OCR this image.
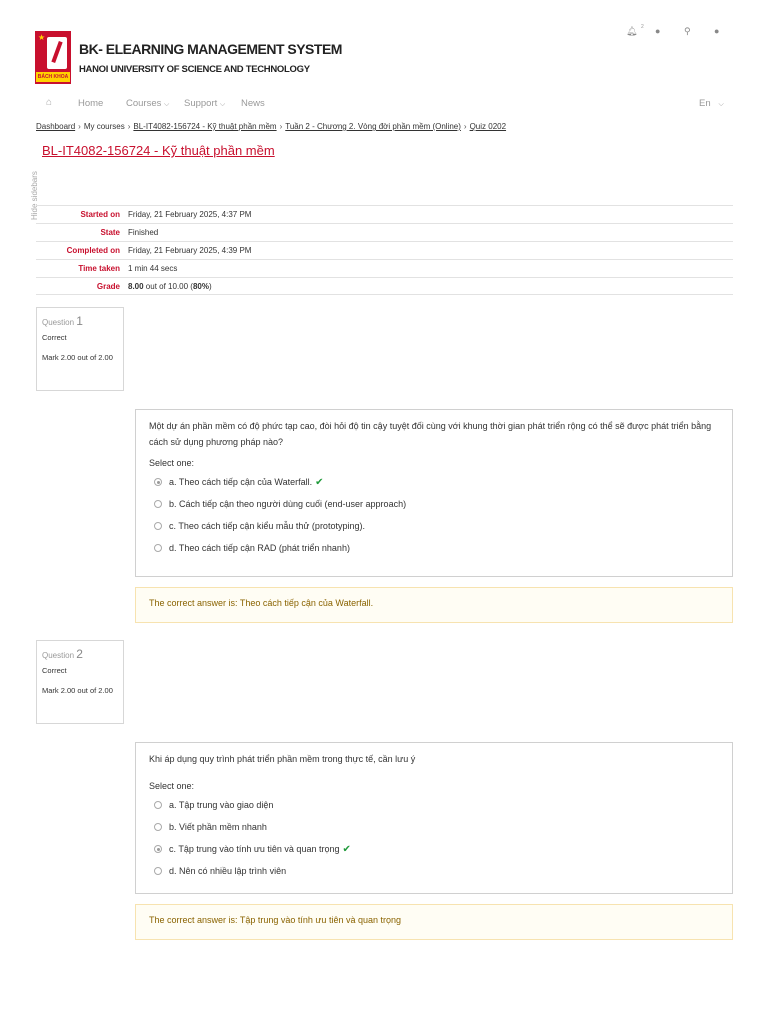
★
BÁCH KHOA
BK- ELEARNING MANAGEMENT SYSTEM
HANOI UNIVERSITY OF SCIENCE AND TECHNOLOGY
🔔︎ 2 ●	⚲	●
⌂	Home Courses ⌵ Support ⌵ News	En ⌵
Dashboard › My courses › BL-IT4082-156724 - Kỹ thuật phần mềm › Tuần 2 - Chương 2. Vòng đời phần mềm (Online) › Quiz 0202
BL-IT4082-156724 - Kỹ thuật phần mềm
Hide sidebars	Started on Friday, 21 February 2025, 4:37 PM
State Finished
Completed on Friday, 21 February 2025, 4:39 PM
Time taken 1 min 44 secs
Grade 8.00 out of 10.00 (80%)
Question 1
Correct
Mark 2.00 out of 2.00
Một dự án phần mềm có độ phức tạp cao, đòi hỏi độ tin cậy tuyệt đối cùng với khung thời gian phát triển rộng có thể sẽ được phát triển bằng cách sử dụng phương pháp nào?
Select one:
a. Theo cách tiếp cận của Waterfall. ✔
b. Cách tiếp cận theo người dùng cuối (end-user approach)
c. Theo cách tiếp cận kiểu mẫu thử (prototyping).
d. Theo cách tiếp cận RAD (phát triển nhanh)
The correct answer is: Theo cách tiếp cận của Waterfall.
Question 2
Correct
Mark 2.00 out of 2.00
Khi áp dụng quy trình phát triển phần mềm trong thực tế, cần lưu ý
Select one:
a. Tập trung vào giao diện
b. Viết phần mềm nhanh
c. Tập trung vào tính ưu tiên và quan trọng ✔
d. Nên có nhiều lập trình viên
The correct answer is: Tập trung vào tính ưu tiên và quan trọng
